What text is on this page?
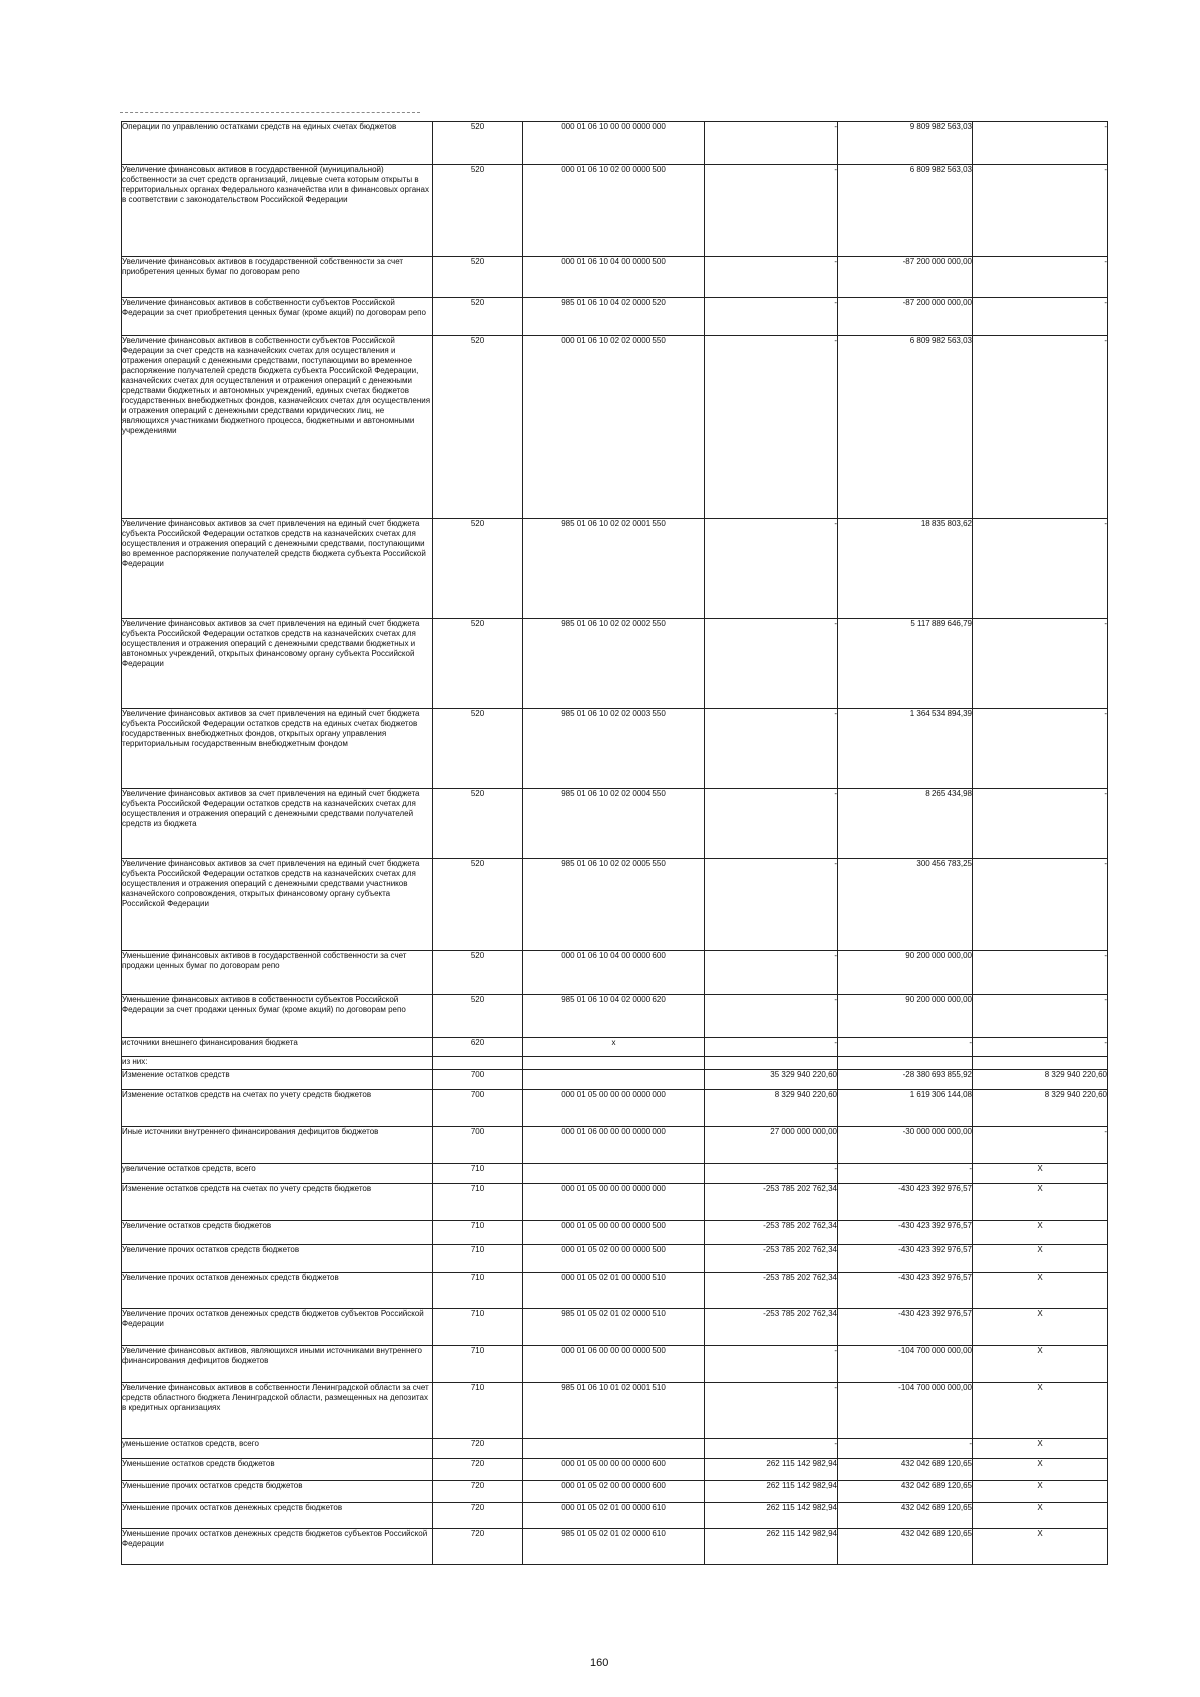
Операции по управлению остатками средств на единых счетах бюджетов	520	000 01 06 10 00 00 0000 000	-	9 809 982 563,03	-

Увеличение финансовых активов в государственной (муниципальной) собственности за счет средств организаций, лицевые счета которым открыты в территориальных органах Федерального казначейства или в финансовых органах в соответствии с законодательством Российской Федерации	520	000 01 06 10 02 00 0000 500	-	6 809 982 563,03	-

Увеличение финансовых активов в государственной собственности за счет приобретения ценных бумаг по договорам репо	520	000 01 06 10 04 00 0000 500	-	-87 200 000 000,00	-

Увеличение финансовых активов в собственности субъектов Российской Федерации за счет приобретения ценных бумаг (кроме акций) по договорам репо	520	985 01 06 10 04 02 0000 520	-	-87 200 000 000,00	-

Увеличение финансовых активов в собственности субъектов Российской Федерации за счет средств на казначейских счетах для осуществления и отражения операций с денежными средствами, поступающими во временное распоряжение получателей средств бюджета субъекта Российской Федерации, казначейских счетах для осуществления и отражения операций с денежными средствами бюджетных и автономных учреждений, единых счетах бюджетов государственных внебюджетных фондов, казначейских счетах для осуществления и отражения операций с денежными средствами юридических лиц, не являющихся участниками бюджетного процесса, бюджетными и автономными учреждениями	520	000 01 06 10 02 02 0000 550	-	6 809 982 563,03	-

Увеличение финансовых активов за счет привлечения на единый счет бюджета субъекта Российской Федерации остатков средств на казначейских счетах для осуществления и отражения операций с денежными средствами, поступающими во временное распоряжение получателей средств бюджета субъекта Российской Федерации	520	985 01 06 10 02 02 0001 550	-	18 835 803,62	-

Увеличение финансовых активов за счет привлечения на единый счет бюджета субъекта Российской Федерации остатков средств на казначейских счетах для осуществления и отражения операций с денежными средствами бюджетных и автономных учреждений, открытых финансовому органу субъекта Российской Федерации	520	985 01 06 10 02 02 0002 550	-	5 117 889 646,79	-

Увеличение финансовых активов за счет привлечения на единый счет бюджета субъекта Российской Федерации остатков средств на единых счетах бюджетов государственных внебюджетных фондов, открытых органу управления территориальным государственным внебюджетным фондом	520	985 01 06 10 02 02 0003 550	-	1 364 534 894,39	-

Увеличение финансовых активов за счет привлечения на единый счет бюджета субъекта Российской Федерации остатков средств на казначейских счетах для осуществления и отражения операций с денежными средствами получателей средств из бюджета	520	985 01 06 10 02 02 0004 550	-	8 265 434,98	-

Увеличение финансовых активов за счет привлечения на единый счет бюджета субъекта Российской Федерации остатков средств на казначейских счетах для осуществления и отражения операций с денежными средствами участников казначейского сопровождения, открытых финансовому органу субъекта Российской Федерации	520	985 01 06 10 02 02 0005 550	-	300 456 783,25	-

Уменьшение финансовых активов в государственной собственности за счет продажи ценных бумаг по договорам репо	520	000 01 06 10 04 00 0000 600	-	90 200 000 000,00	-

Уменьшение финансовых активов в собственности субъектов Российской Федерации за счет продажи ценных бумаг (кроме акций) по договорам репо	520	985 01 06 10 04 02 0000 620	-	90 200 000 000,00	-

источники внешнего финансирования бюджета	620	x	-	-	-

из них:					

Изменение остатков средств	700		35 329 940 220,60	-28 380 693 855,92	8 329 940 220,60

Изменение остатков средств на счетах по учету средств бюджетов	700	000 01 05 00 00 00 0000 000	8 329 940 220,60	1 619 306 144,08	8 329 940 220,60

Иные источники внутреннего финансирования дефицитов бюджетов	700	000 01 06 00 00 00 0000 000	27 000 000 000,00	-30 000 000 000,00	-

увеличение остатков средств, всего	710		-	-	X

Изменение остатков средств на счетах по учету средств бюджетов	710	000 01 05 00 00 00 0000 000	-253 785 202 762,34	-430 423 392 976,57	X

Увеличение остатков средств бюджетов	710	000 01 05 00 00 00 0000 500	-253 785 202 762,34	-430 423 392 976,57	X

Увеличение прочих остатков средств бюджетов	710	000 01 05 02 00 00 0000 500	-253 785 202 762,34	-430 423 392 976,57	X

Увеличение прочих остатков денежных средств бюджетов	710	000 01 05 02 01 00 0000 510	-253 785 202 762,34	-430 423 392 976,57	X

Увеличение прочих остатков денежных средств бюджетов субъектов Российской Федерации	710	985 01 05 02 01 02 0000 510	-253 785 202 762,34	-430 423 392 976,57	X

Увеличение финансовых активов, являющихся иными источниками внутреннего финансирования дефицитов бюджетов	710	000 01 06 00 00 00 0000 500	-	-104 700 000 000,00	X

Увеличение финансовых активов в собственности Ленинградской области за счет средств областного бюджета Ленинградской области, размещенных на депозитах в кредитных организациях	710	985 01 06 10 01 02 0001 510	-	-104 700 000 000,00	X

уменьшение остатков средств, всего	720		-	-	X

Уменьшение остатков средств бюджетов	720	000 01 05 00 00 00 0000 600	262 115 142 982,94	432 042 689 120,65	X

Уменьшение прочих остатков средств бюджетов	720	000 01 05 02 00 00 0000 600	262 115 142 982,94	432 042 689 120,65	X

Уменьшение прочих остатков денежных средств бюджетов	720	000 01 05 02 01 00 0000 610	262 115 142 982,94	432 042 689 120,65	X

Уменьшение прочих остатков денежных средств бюджетов субъектов Российской Федерации	720	985 01 05 02 01 02 0000 610	262 115 142 982,94	432 042 689 120,65	X
160
